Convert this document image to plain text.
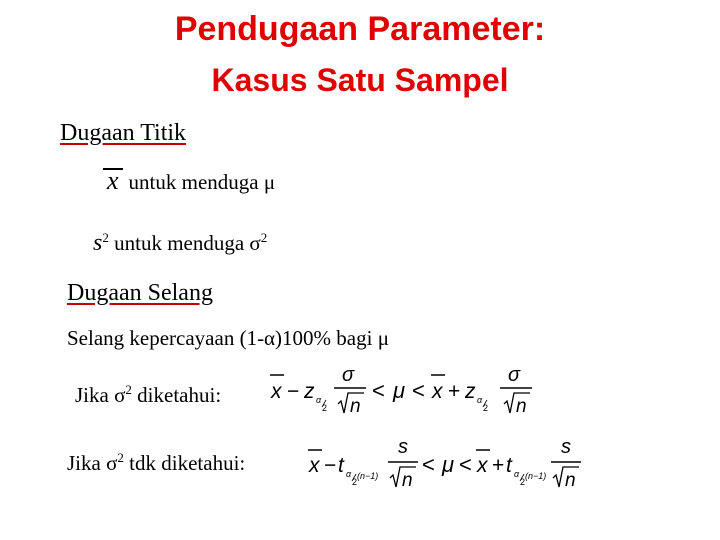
Pendugaan Parameter:
Kasus Satu Sampel
Dugaan Titik
x untuk menduga μ
$s^2$ untuk menduga $\sigma^2$
Dugaan Selang
Selang kepercayaan (1-α)100% bagi μ
Jika $\sigma^2$ diketahui:
Jika $\sigma^2$ tdk diketahui:
x − z α
2
σ
n
< μ < x + z α
2
σ
n
x − t α
2
(n−1)
s
n
< μ < x + t α
2
(n−1)
s
n
